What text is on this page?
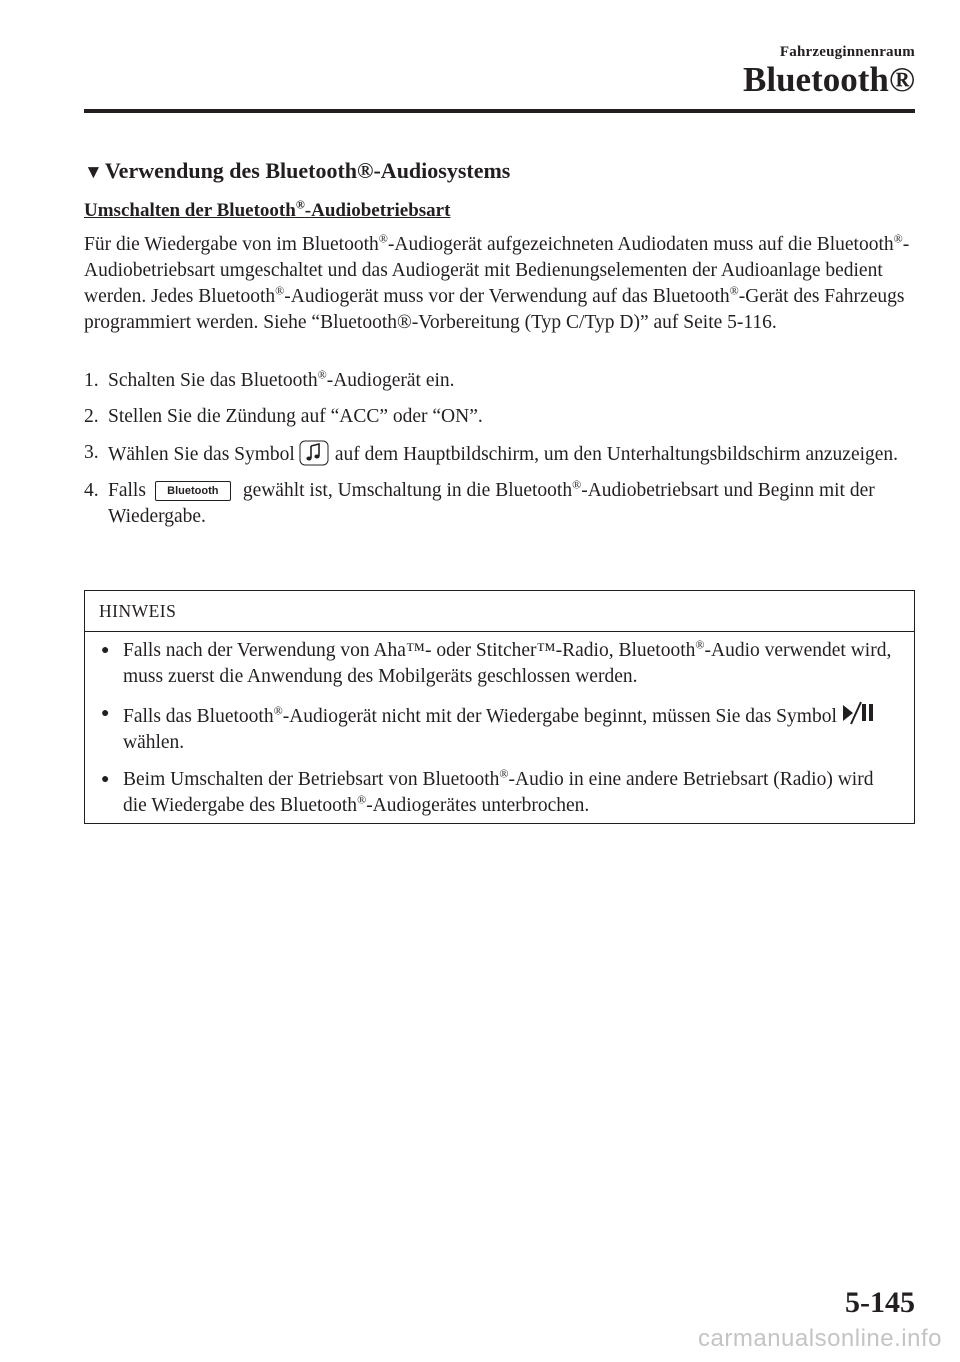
Fahrzeuginnenraum
Bluetooth®
▼Verwendung des Bluetooth®-Audiosystems
Umschalten der Bluetooth®-Audiobetriebsart
Für die Wiedergabe von im Bluetooth®-Audiogerät aufgezeichneten Audiodaten muss auf die Bluetooth®-Audiobetriebsart umgeschaltet und das Audiogerät mit Bedienungselementen der Audioanlage bedient werden. Jedes Bluetooth®-Audiogerät muss vor der Verwendung auf das Bluetooth®-Gerät des Fahrzeugs programmiert werden. Siehe “Bluetooth®-Vorbereitung (Typ C/Typ D)” auf Seite 5-116.
1. Schalten Sie das Bluetooth®-Audiogerät ein.
2. Stellen Sie die Zündung auf “ACC” oder “ON”.
3. Wählen Sie das Symbol auf dem Hauptbildschirm, um den Unterhaltungsbildschirm anzuzeigen.
4. Falls Bluetooth gewählt ist, Umschaltung in die Bluetooth®-Audiobetriebsart und Beginn mit der Wiedergabe.
HINWEIS
● Falls nach der Verwendung von Aha™- oder Stitcher™-Radio, Bluetooth®-Audio verwendet wird, muss zuerst die Anwendung des Mobilgeräts geschlossen werden.
● Falls das Bluetooth®-Audiogerät nicht mit der Wiedergabe beginnt, müssen Sie das Symbolwählen.
● Beim Umschalten der Betriebsart von Bluetooth®-Audio in eine andere Betriebsart (Radio) wird die Wiedergabe des Bluetooth®-Audiogerätes unterbrochen.
5-145
carmanualsonline.info
